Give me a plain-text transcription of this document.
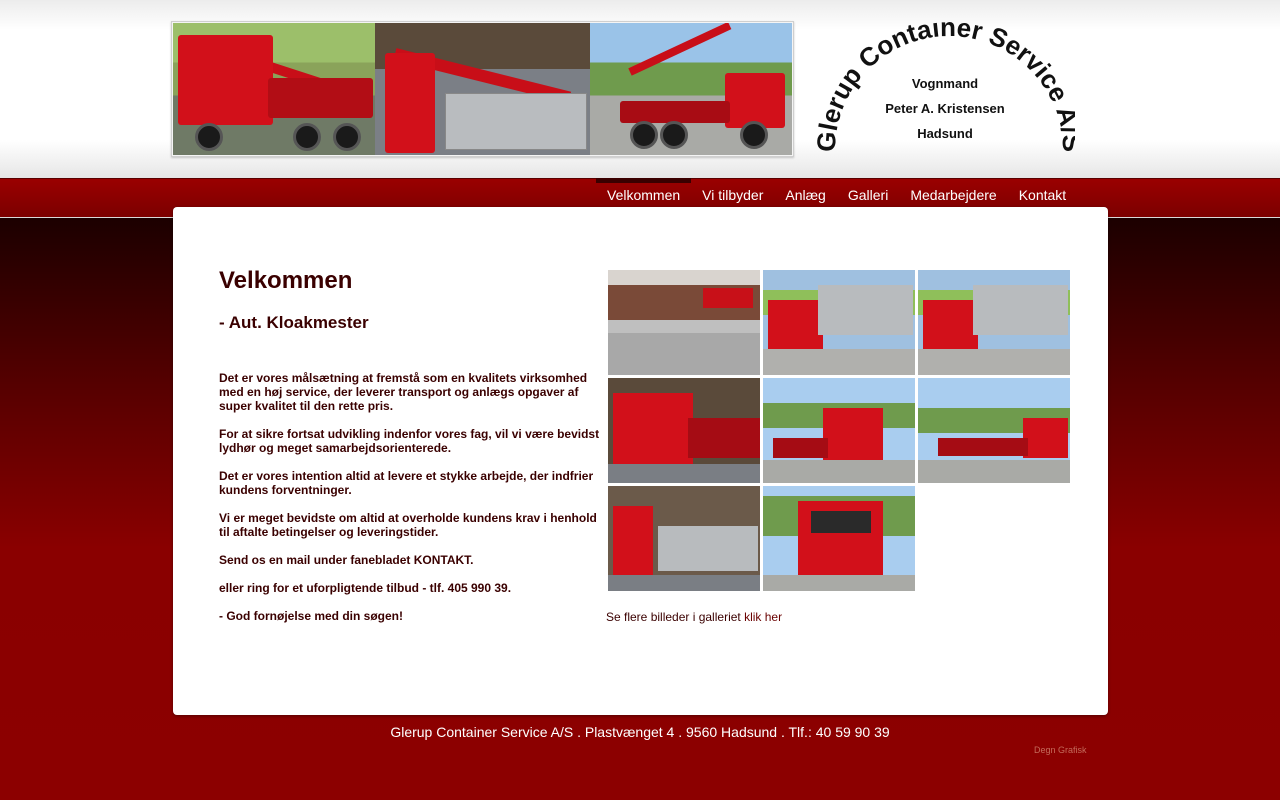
lerup Container Service
Vognmand
Peter A. Kristensen
Hadsund
Velkommen	Vi tilbyder	Anlæg	Galleri	Medarbejdere	Kontakt
Velkommen
- Aut. Kloakmester

Det er vores målsætning at fremstå som en kvalitets virksomhed med en høj service, der leverer transport og anlægs opgaver af super kvalitet til den rette pris.

For at sikre fortsat udvikling indenfor vores fag, vil vi være bevidst lydhør og meget samarbejdsorienterede.

Det er vores intention altid at levere et stykke arbejde, der indfrier kundens forventninger.

Vi er meget bevidste om altid at overholde kundens krav i henhold til aftalte betingelser og leveringstider.

Send os en mail under fanebladet KONTAKT.

eller ring for et uforpligtende tilbud - tlf. 405 990 39.

- God fornøjelse med din søgen!	Se flere billeder i galleriet klik her
Glerup Container Service A/S . Plastvænget 4 . 9560 Hadsund . Tlf.: 40 59 90 39
Degn Grafisk
